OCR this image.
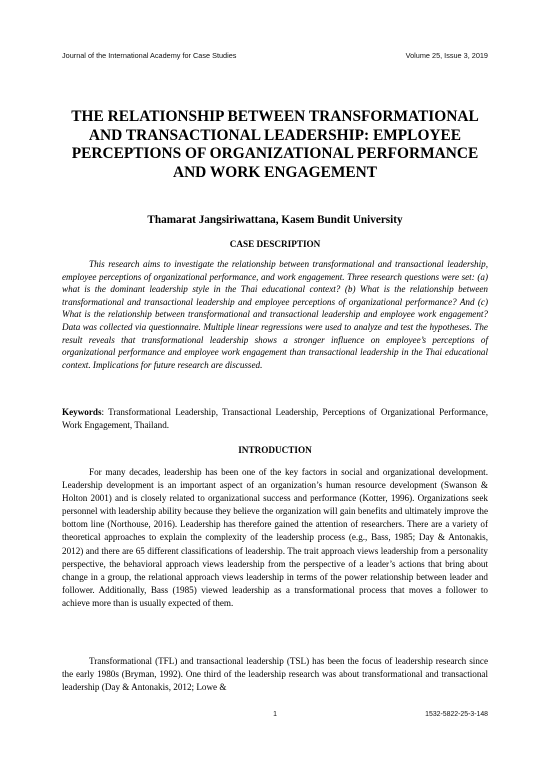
Journal of the International Academy for Case Studies	Volume 25, Issue 3, 2019
THE RELATIONSHIP BETWEEN TRANSFORMATIONAL AND TRANSACTIONAL LEADERSHIP: EMPLOYEE PERCEPTIONS OF ORGANIZATIONAL PERFORMANCE AND WORK ENGAGEMENT
Thamarat Jangsiriwattana, Kasem Bundit University
CASE DESCRIPTION

This research aims to investigate the relationship between transformational and transactional leadership, employee perceptions of organizational performance, and work engagement. Three research questions were set: (a) what is the dominant leadership style in the Thai educational context? (b) What is the relationship between transformational and transactional leadership and employee perceptions of organizational performance? And (c) What is the relationship between transformational and transactional leadership and employee work engagement? Data was collected via questionnaire. Multiple linear regressions were used to analyze and test the hypotheses. The result reveals that transformational leadership shows a stronger influence on employee’s perceptions of organizational performance and employee work engagement than transactional leadership in the Thai educational context. Implications for future research are discussed.

Keywords: Transformational Leadership, Transactional Leadership, Perceptions of Organizational Performance, Work Engagement, Thailand.

INTRODUCTION

For many decades, leadership has been one of the key factors in social and organizational development. Leadership development is an important aspect of an organization’s human resource development (Swanson & Holton 2001) and is closely related to organizational success and performance (Kotter, 1996). Organizations seek personnel with leadership ability because they believe the organization will gain benefits and ultimately improve the bottom line (Northouse, 2016). Leadership has therefore gained the attention of researchers. There are a variety of theoretical approaches to explain the complexity of the leadership process (e.g., Bass, 1985; Day & Antonakis, 2012) and there are 65 different classifications of leadership. The trait approach views leadership from a personality perspective, the behavioral approach views leadership from the perspective of a leader’s actions that bring about change in a group, the relational approach views leadership in terms of the power relationship between leader and follower. Additionally, Bass (1985) viewed leadership as a transformational process that moves a follower to achieve more than is usually expected of them.

Transformational (TFL) and transactional leadership (TSL) has been the focus of leadership research since the early 1980s (Bryman, 1992). One third of the leadership research was about transformational and transactional leadership (Day & Antonakis, 2012; Lowe &

1	1532-5822-25-3-148
